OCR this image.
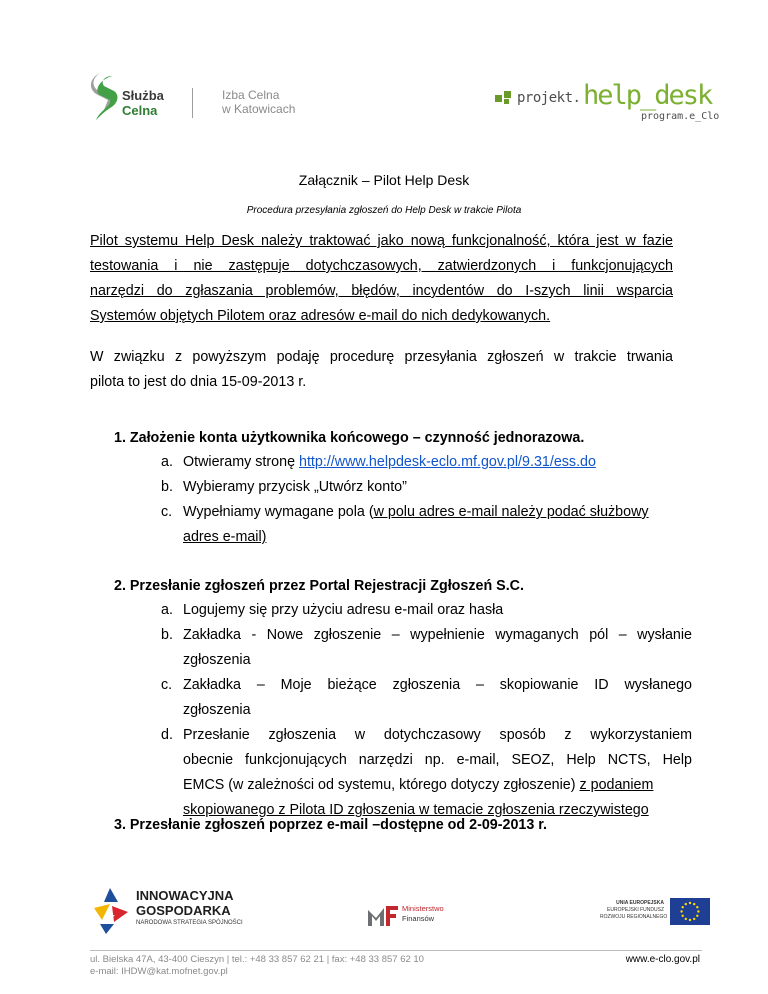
Służba
Celna
Izba Celna
w Katowicach
projekt. help_desk
program.e_Clo
Załącznik – Pilot Help Desk
Procedura przesyłania zgłoszeń do Help Desk w trakcie Pilota
Pilot systemu Help Desk należy traktować jako nową funkcjonalność, która jest w fazie
testowania i nie zastępuje dotychczasowych, zatwierdzonych i funkcjonujących
narzędzi do zgłaszania problemów, błędów, incydentów do I-szych linii wsparcia
Systemów objętych Pilotem oraz adresów e-mail do nich dedykowanych.
W związku z powyższym podaję procedurę przesyłania zgłoszeń w trakcie trwania
pilota to jest do dnia 15-09-2013 r.
1. Założenie konta użytkownika końcowego – czynność jednorazowa.
a. Otwieramy stronę http://www.helpdesk-eclo.mf.gov.pl/9.31/ess.do
b. Wybieramy przycisk „Utwórz konto”
c. Wypełniamy wymagane pola (w polu adres e-mail należy podać służbowy
adres e-mail)
2. Przesłanie zgłoszeń przez Portal Rejestracji Zgłoszeń S.C.
a. Logujemy się przy użyciu adresu e-mail oraz hasła
b. Zakładka - Nowe zgłoszenie – wypełnienie wymaganych pól – wysłanie
zgłoszenia
c. Zakładka – Moje bieżące zgłoszenia – skopiowanie ID wysłanego
zgłoszenia
d. Przesłanie zgłoszenia w dotychczasowy sposób z wykorzystaniem
obecnie funkcjonujących narzędzi np. e-mail, SEOZ, Help NCTS, Help
EMCS (w zależności od systemu, którego dotyczy zgłoszenie) z podaniem
skopiowanego z Pilota ID zgłoszenia w temacie zgłoszenia rzeczywistego
3. Przesłanie zgłoszeń poprzez e-mail –dostępne od 2-09-2013 r.
INNOWACYJNA
GOSPODARKA
NARODOWA STRATEGIA SPÓJNOŚCI
Ministerstwo
Finansów
UNIA EUROPEJSKA
EUROPEJSKI FUNDUSZ
ROZWOJU REGIONALNEGO
ul. Bielska 47A, 43-400 Cieszyn | tel.: +48 33 857 62 21 | fax: +48 33 857 62 10
e-mail: IHDW@kat.mofnet.gov.pl
www.e-clo.gov.pl
